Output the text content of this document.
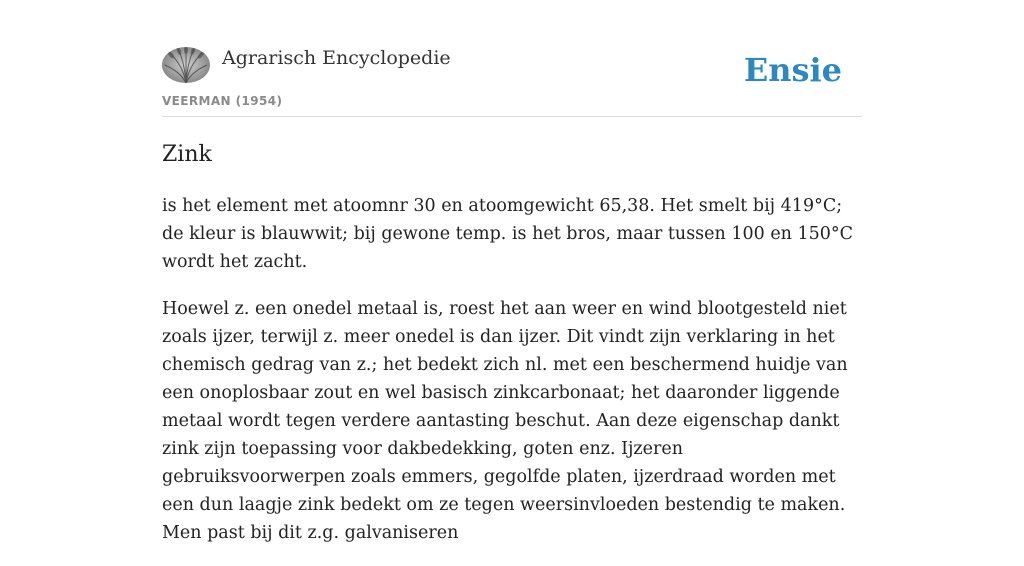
Agrarisch Encyclopedie
VEERMAN (1954)
Ensie
Zink

is het element met atoomnr 30 en atoomgewicht 65,38. Het smelt bij 419°C; de kleur is blauwwit; bij gewone temp. is het bros, maar tussen 100 en 150°C wordt het zacht.

Hoewel z. een onedel metaal is, roest het aan weer en wind blootgesteld niet zoals ijzer, terwijl z. meer onedel is dan ijzer. Dit vindt zijn verklaring in het chemisch gedrag van z.; het bedekt zich nl. met een beschermend huidje van een onoplosbaar zout en wel basisch zinkcarbonaat; het daaronder liggende metaal wordt tegen verdere aantasting beschut. Aan deze eigenschap dankt zink zijn toepassing voor dakbedekking, goten enz. Ijzeren gebruiksvoorwerpen zoals emmers, gegolfde platen, ijzerdraad worden met een dun laagje zink bedekt om ze tegen weersinvloeden bestendig te maken. Men past bij dit z.g. galvaniseren
